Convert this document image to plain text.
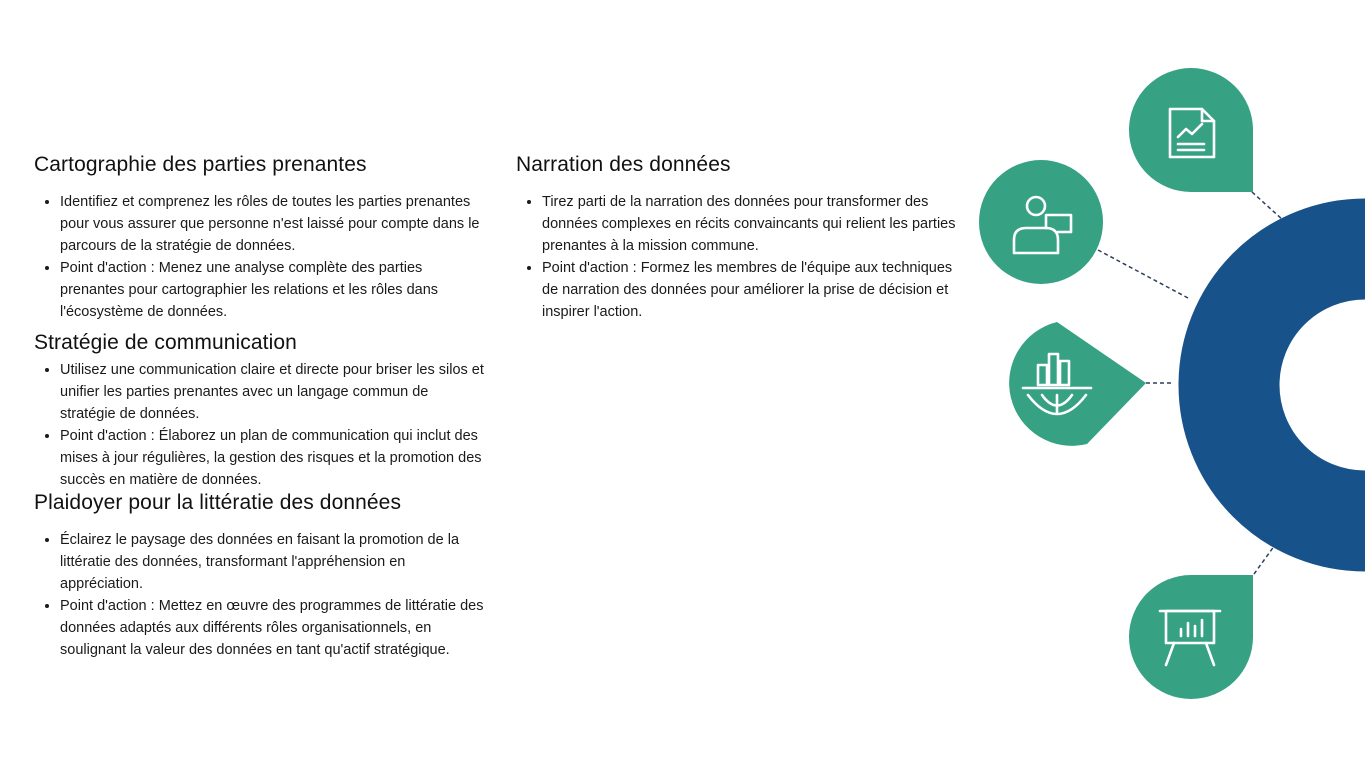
Cartographie des parties prenantes
• Identifiez et comprenez les rôles de toutes les parties prenantes pour vous assurer que personne n'est laissé pour compte dans le parcours de la stratégie de données.
• Point d'action : Menez une analyse complète des parties prenantes pour cartographier les relations et les rôles dans l'écosystème de données.
Stratégie de communication
• Utilisez une communication claire et directe pour briser les silos et unifier les parties prenantes avec un langage commun de stratégie de données.
• Point d'action : Élaborez un plan de communication qui inclut des mises à jour régulières, la gestion des risques et la promotion des succès en matière de données.
Plaidoyer pour la littératie des données
• Éclairez le paysage des données en faisant la promotion de la littératie des données, transformant l'appréhension en appréciation.
• Point d'action : Mettez en œuvre des programmes de littératie des données adaptés aux différents rôles organisationnels, en soulignant la valeur des données en tant qu'actif stratégique.
Narration des données
• Tirez parti de la narration des données pour transformer des données complexes en récits convaincants qui relient les parties prenantes à la mission commune.
• Point d'action : Formez les membres de l'équipe aux techniques de narration des données pour améliorer la prise de décision et inspirer l'action.
